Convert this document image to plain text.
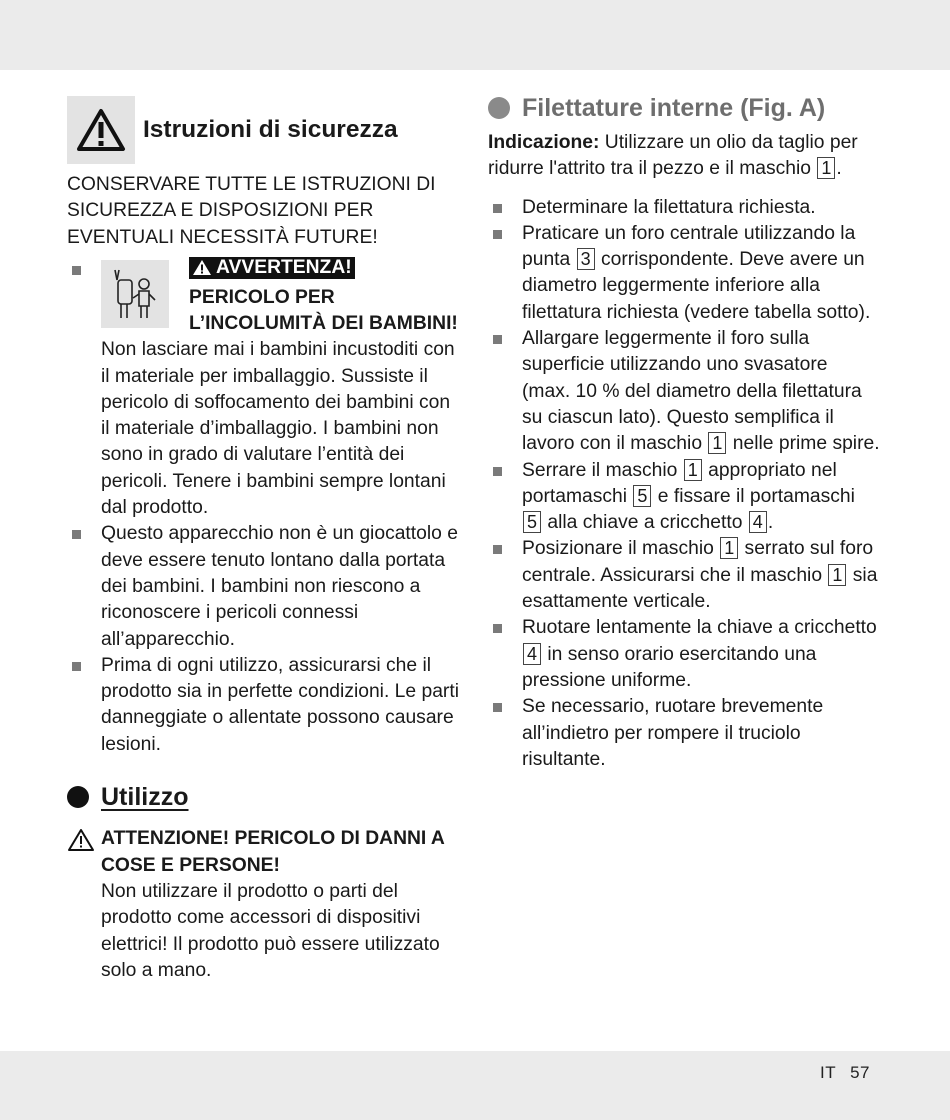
Istruzioni di sicurezza
CONSERVARE TUTTE LE ISTRUZIONI DI SICUREZZA E DISPOSIZIONI PER EVENTUALI NECESSITÀ FUTURE!
AVVERTENZA!

PERICOLO PER L’INCOLUMITÀ DEI BAMBINI! Non lasciare mai i bambini incustoditi con il materiale per imballaggio. Sussiste il pericolo di soffocamento dei bambini con il materiale d’imballaggio. I bambini non sono in grado di valutare l’entità dei pericoli. Tenere i bambini sempre lontani dal prodotto.
Questo apparecchio non è un giocattolo e deve essere tenuto lontano dalla portata dei bambini. I bambini non riescono a riconoscere i pericoli connessi all’apparecchio.
Prima di ogni utilizzo, assicurarsi che il prodotto sia in perfette condizioni. Le parti danneggiate o allentate possono causare lesioni.
Utilizzo
ATTENZIONE! PERICOLO DI DANNI A COSE E PERSONE!
Non utilizzare il prodotto o parti del prodotto come accessori di dispositivi elettrici! Il prodotto può essere utilizzato solo a mano.
Filettature interne (Fig. A)
Indicazione: Utilizzare un olio da taglio per ridurre l'attrito tra il pezzo e il maschio 1 .
Determinare la filettatura richiesta.
Praticare un foro centrale utilizzando la punta 3 corrispondente. Deve avere un diametro leggermente inferiore alla filettatura richiesta (vedere tabella sotto).
Allargare leggermente il foro sulla superficie utilizzando uno svasatore (max. 10 % del diametro della filettatura su ciascun lato). Questo semplifica il lavoro con il maschio 1 nelle prime spire.
Serrare il maschio 1 appropriato nel portamaschi 5 e fissare il portamaschi 5 alla chiave a cricchetto 4 .
Posizionare il maschio 1 serrato sul foro centrale. Assicurarsi che il maschio 1 sia esattamente verticale.
Ruotare lentamente la chiave a cricchetto 4 in senso orario esercitando una pressione uniforme.
Se necessario, ruotare brevemente all’indietro per rompere il truciolo risultante.
IT 57
